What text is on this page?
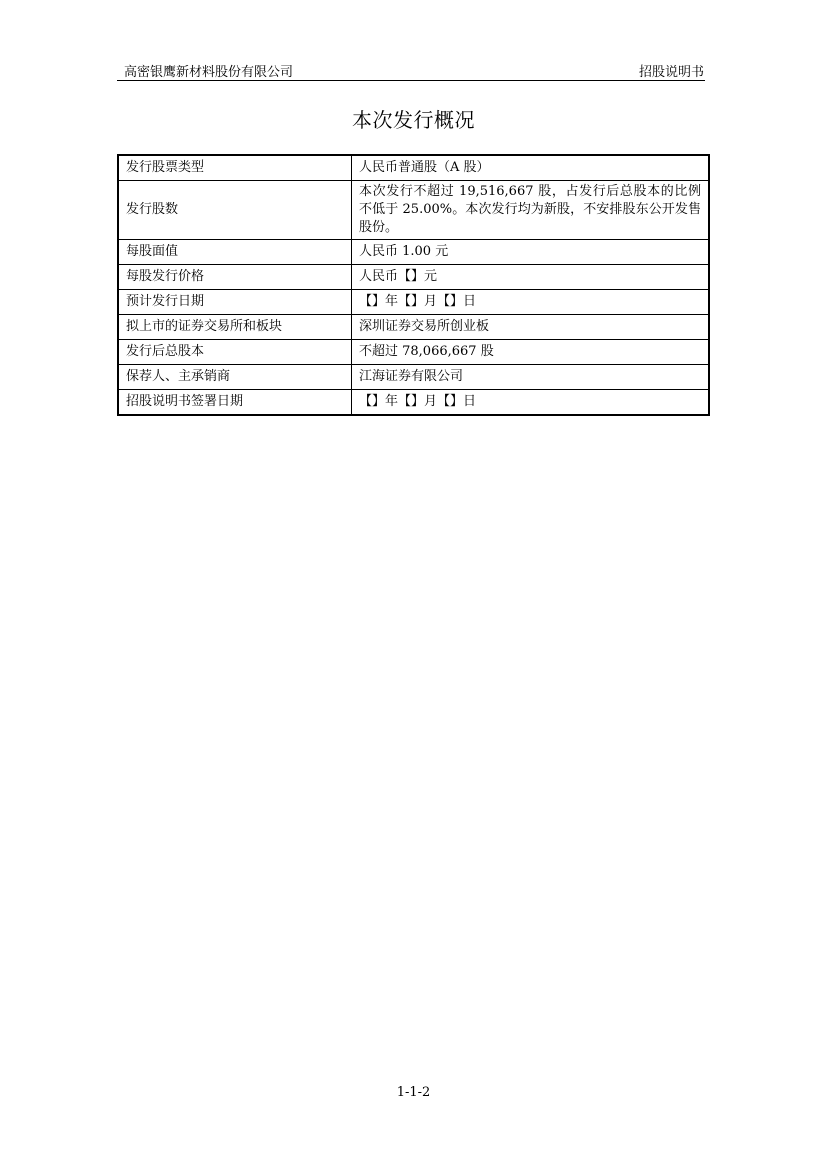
高密银鹰新材料股份有限公司	招股说明书
本次发行概况
发行股票类型	人民币普通股（A 股）
发行股数	本次发行不超过 19,516,667 股，占发行后总股本的比例不低于 25.00%。本次发行均为新股，不安排股东公开发售股份。
每股面值	人民币 1.00 元
每股发行价格	人民币【】元
预计发行日期	【】年【】月【】日
拟上市的证券交易所和板块	深圳证券交易所创业板
发行后总股本	不超过 78,066,667 股
保荐人、主承销商	江海证券有限公司
招股说明书签署日期	【】年【】月【】日
1-1-2
